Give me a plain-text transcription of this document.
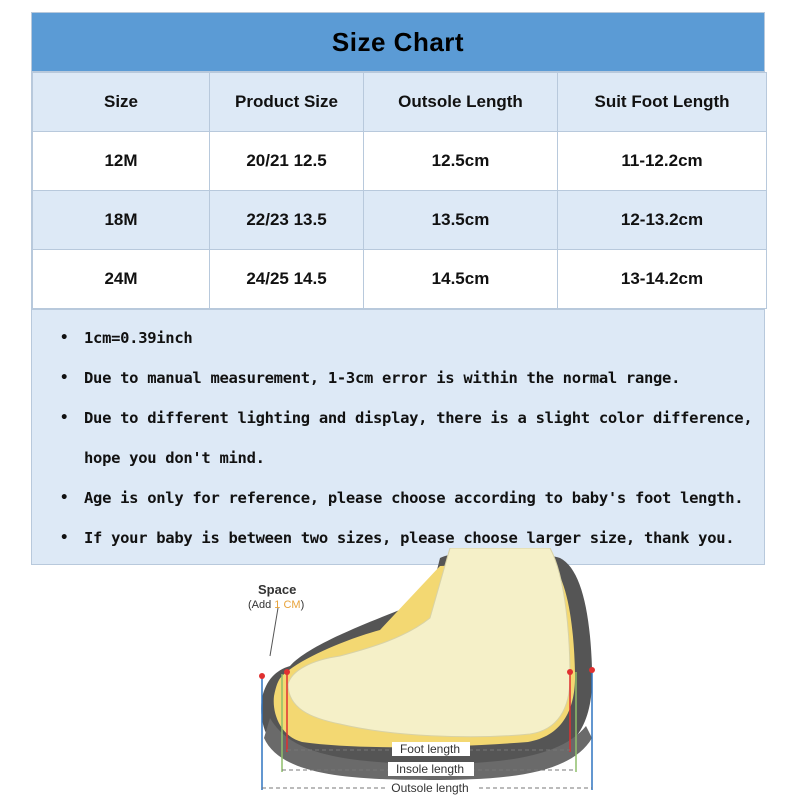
Size Chart
Size	Product Size	Outsole Length	Suit Foot Length
12M	20/21 12.5	12.5cm	11-12.2cm
18M	22/23 13.5	13.5cm	12-13.2cm
24M	24/25 14.5	14.5cm	13-14.2cm
• 1cm=0.39inch
• Due to manual measurement, 1-3cm error is within the normal range.
• Due to different lighting and display, there is a slight color difference, hope you don't mind.
• Age is only for reference, please choose according to baby's foot length.
• If your baby is between two sizes, please choose larger size, thank you.
Space
(Add 1 CM)
Foot length
Insole length
Outsole length
